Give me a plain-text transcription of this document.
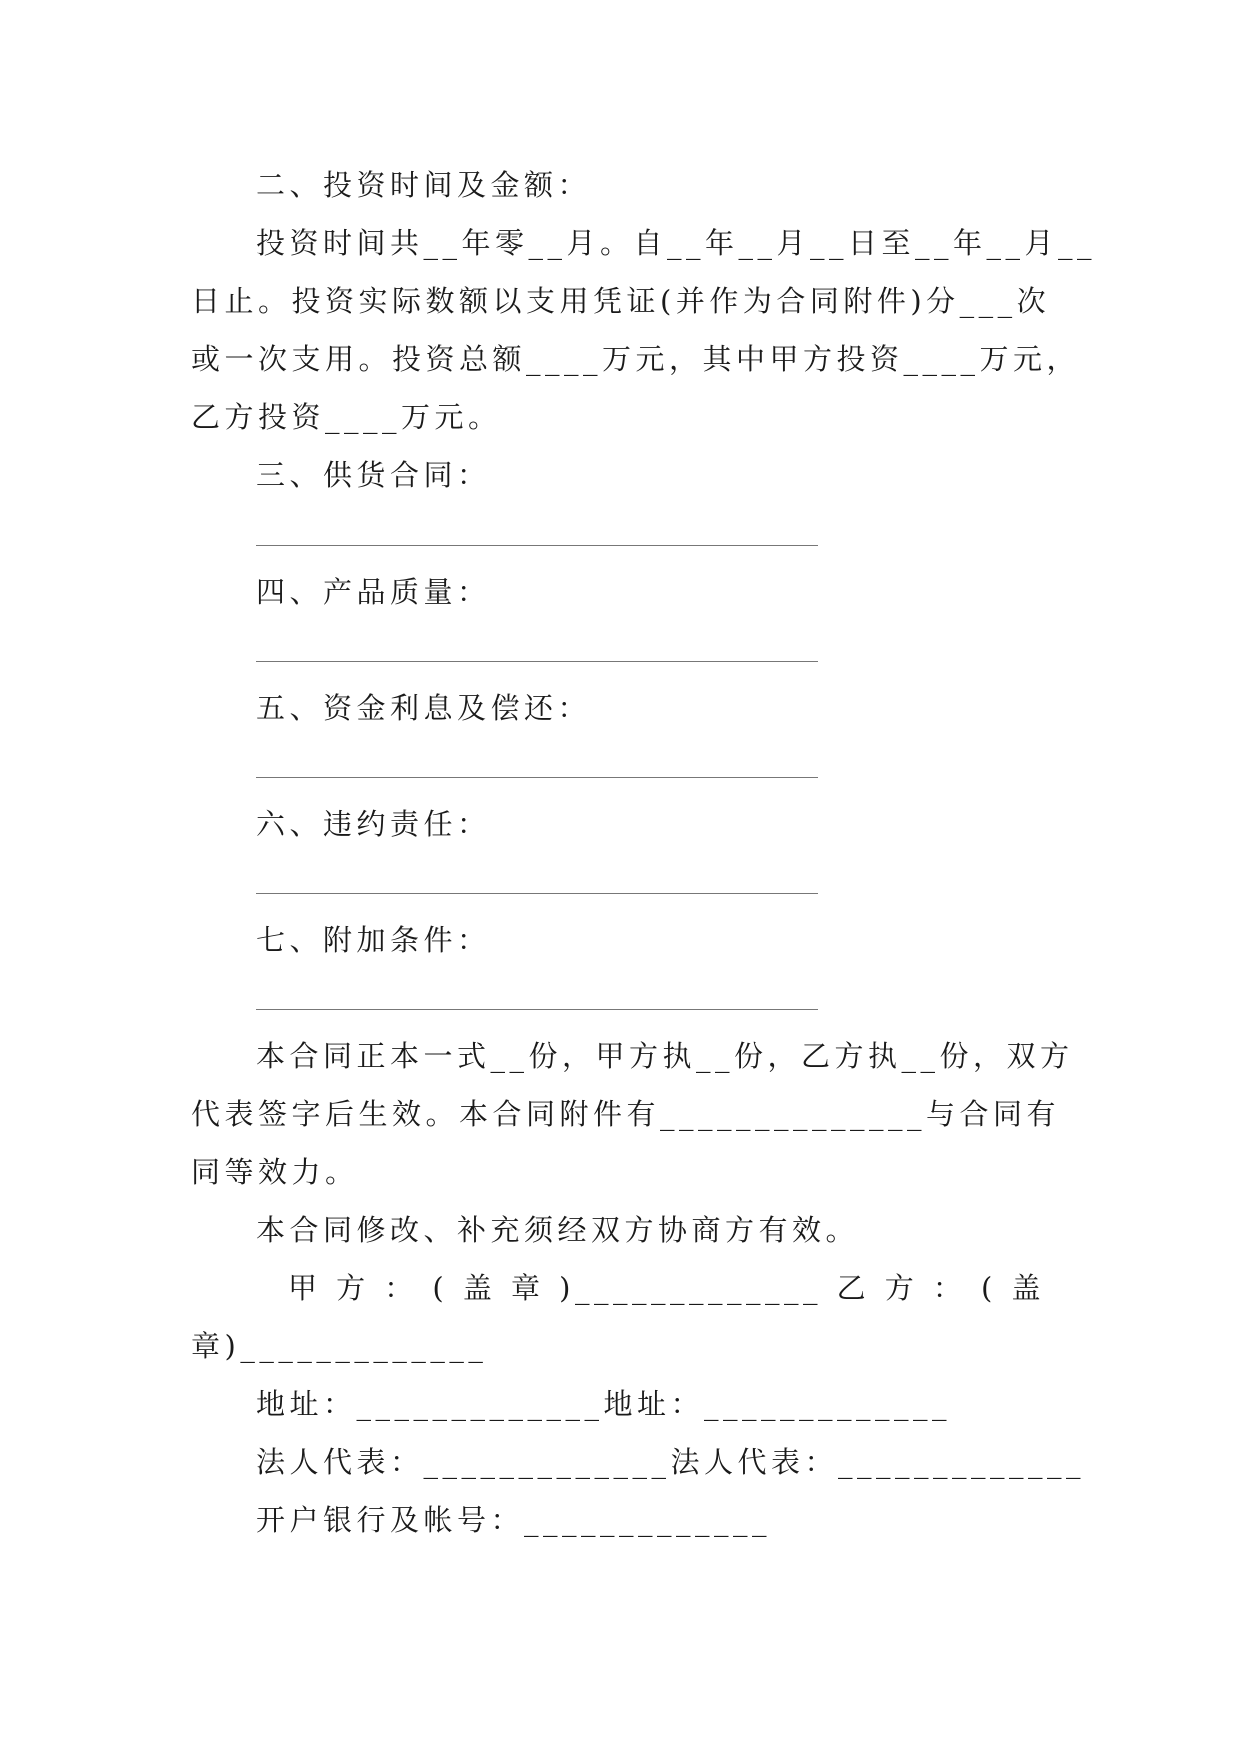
二、投资时间及金额：
投资时间共__年零__月。自__年__月__日至__年__月__
日止。投资实际数额以支用凭证(并作为合同附件)分___次
或一次支用。投资总额____万元，其中甲方投资____万元，
乙方投资____万元。
三、供货合同：
四、产品质量：
五、资金利息及偿还：
六、违约责任：
七、附加条件：
本合同正本一式__份，甲方执__份，乙方执__份，双方
代表签字后生效。本合同附件有______________与合同有
同等效力。
本合同修改、补充须经双方协商方有效。
甲方：(盖章)_____________乙方：(盖
章)_____________
地址：_____________地址：_____________
法人代表：_____________法人代表：_____________
开户银行及帐号：_____________
